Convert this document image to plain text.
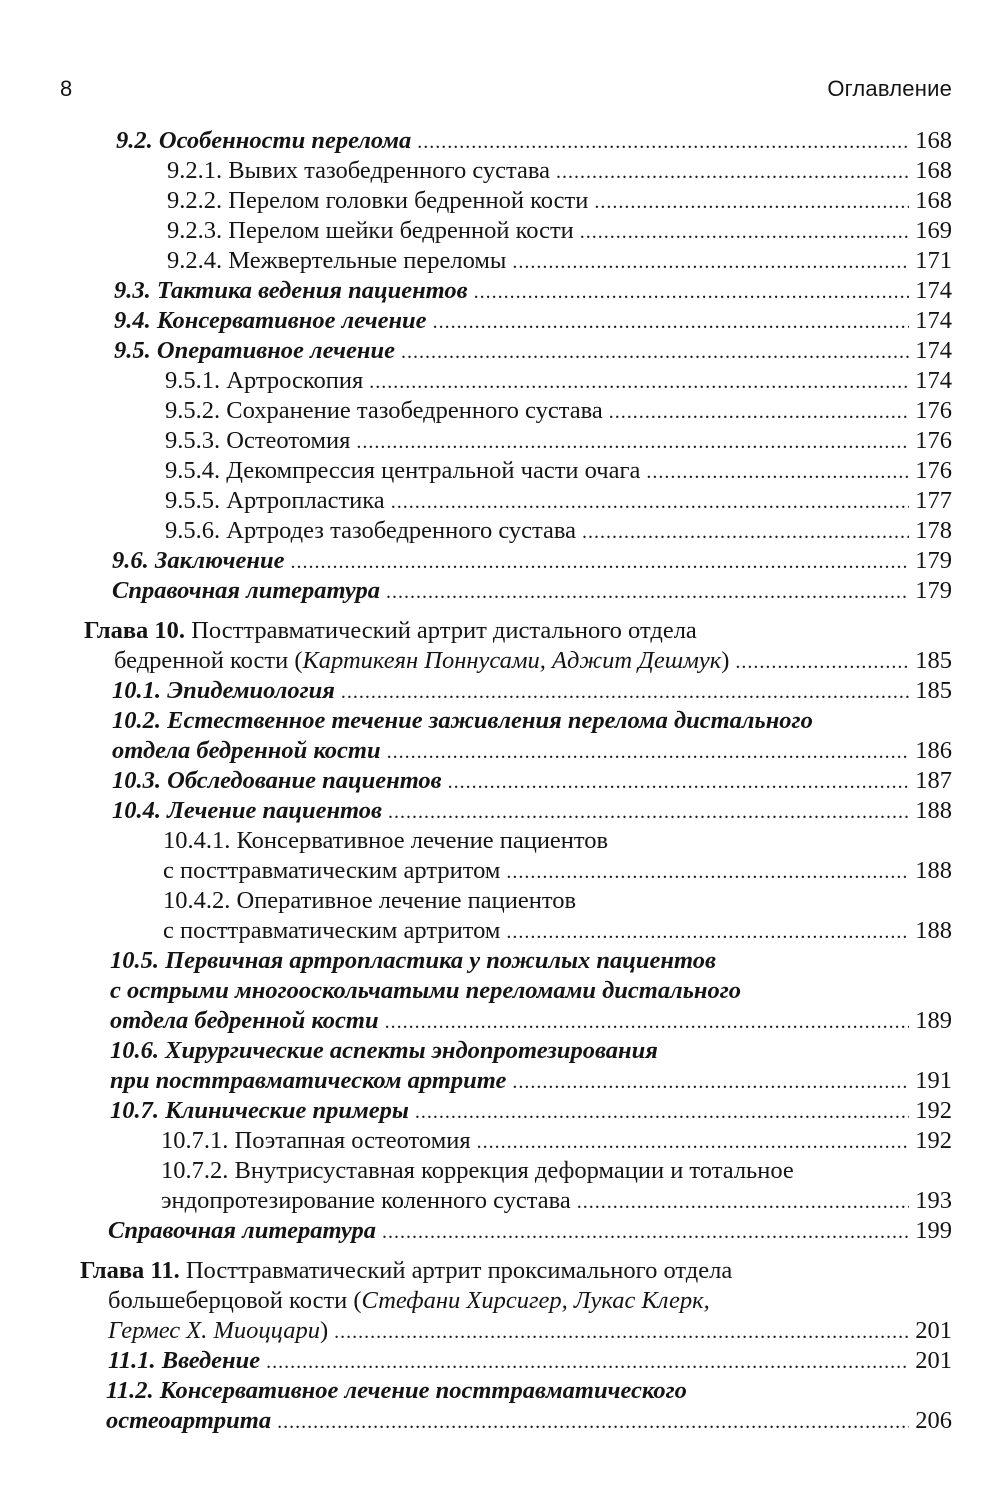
8	Оглавление
9.2. Особенности перелома . . .	168
9.2.1. Вывих тазобедренного сустава . . .	168
9.2.2. Перелом головки бедренной кости . . .	168
9.2.3. Перелом шейки бедренной кости . . .	169
9.2.4. Межвертельные переломы . . .	171
9.3. Тактика ведения пациентов . . .	174
9.4. Консервативное лечение . . .	174
9.5. Оперативное лечение . . .	174
9.5.1. Артроскопия . . .	174
9.5.2. Сохранение тазобедренного сустава . . .	176
9.5.3. Остеотомия . . .	176
9.5.4. Декомпрессия центральной части очага . . .	176
9.5.5. Артропластика . . .	177
9.5.6. Артродез тазобедренного сустава . . .	178
9.6. Заключение . . .	179
Справочная литература . . .	179
Глава 10. Посттравматический артрит дистального отдела
бедренной кости (Картикеян Поннусами, Аджит Дешмук) . . .	185
10.1. Эпидемиология . . .	185
10.2. Естественное течение заживления перелома дистального
отдела бедренной кости . . .	186
10.3. Обследование пациентов . . .	187
10.4. Лечение пациентов . . .	188
10.4.1. Консервативное лечение пациентов
с посттравматическим артритом . . .	188
10.4.2. Оперативное лечение пациентов
с посттравматическим артритом . . .	188
10.5. Первичная артропластика у пожилых пациентов
с острыми многооскольчатыми переломами дистального
отдела бедренной кости . . .	189
10.6. Хирургические аспекты эндопротезирования
при посттравматическом артрите . . .	191
10.7. Клинические примеры . . .	192
10.7.1. Поэтапная остеотомия . . .	192
10.7.2. Внутрисуставная коррекция деформации и тотальное
эндопротезирование коленного сустава . . .	193
Справочная литература . . .	199
Глава 11. Посттравматический артрит проксимального отдела
большеберцовой кости (Стефани Хирсигер, Лукас Клерк,
Гермес Х. Миоццари) . . .	201
11.1. Введение . . .	201
11.2. Консервативное лечение посттравматического
остеоартрита . . .	206
